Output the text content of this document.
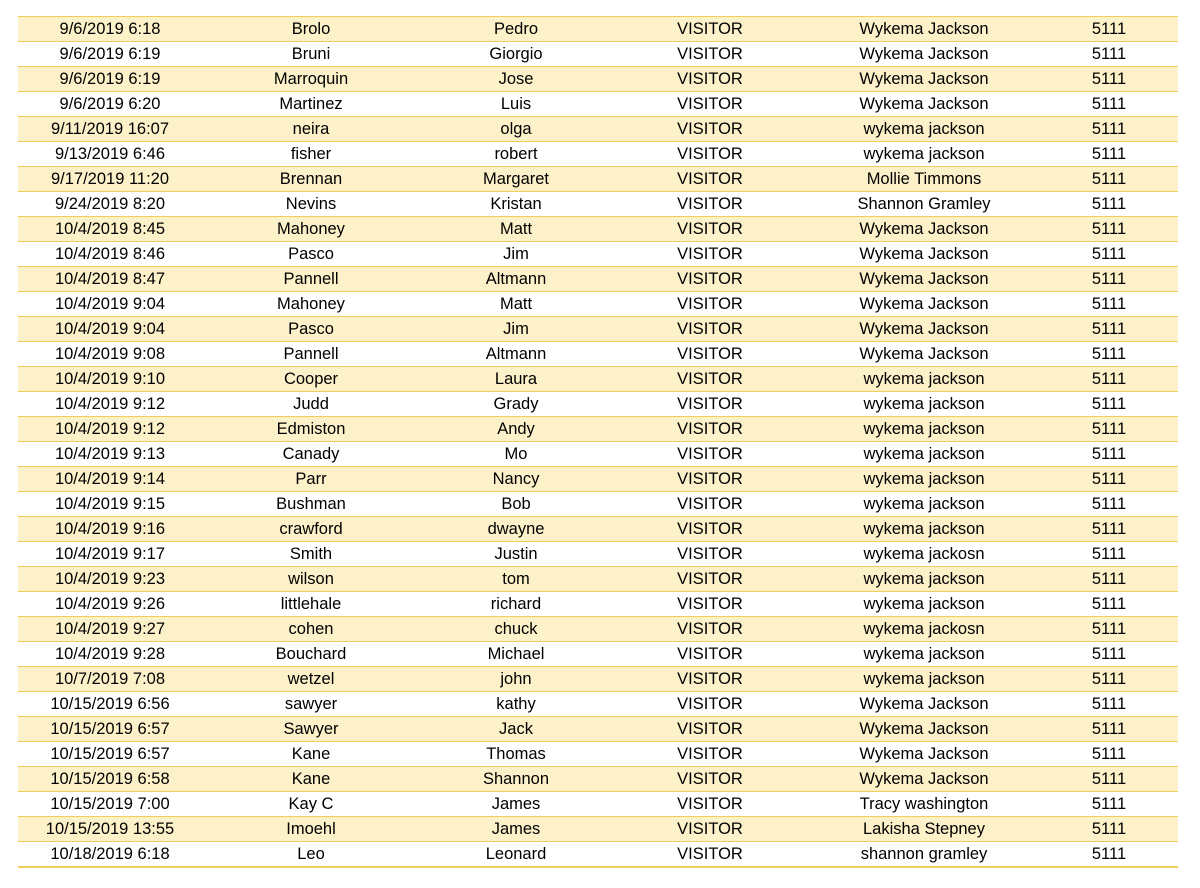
9/6/2019 6:18	Brolo	Pedro	VISITOR	Wykema Jackson	5111
9/6/2019 6:19	Bruni	Giorgio	VISITOR	Wykema Jackson	5111
9/6/2019 6:19	Marroquin	Jose	VISITOR	Wykema Jackson	5111
9/6/2019 6:20	Martinez	Luis	VISITOR	Wykema Jackson	5111
9/11/2019 16:07	neira	olga	VISITOR	wykema jackson	5111
9/13/2019 6:46	fisher	robert	VISITOR	wykema jackson	5111
9/17/2019 11:20	Brennan	Margaret	VISITOR	Mollie Timmons	5111
9/24/2019 8:20	Nevins	Kristan	VISITOR	Shannon Gramley	5111
10/4/2019 8:45	Mahoney	Matt	VISITOR	Wykema Jackson	5111
10/4/2019 8:46	Pasco	Jim	VISITOR	Wykema Jackson	5111
10/4/2019 8:47	Pannell	Altmann	VISITOR	Wykema Jackson	5111
10/4/2019 9:04	Mahoney	Matt	VISITOR	Wykema Jackson	5111
10/4/2019 9:04	Pasco	Jim	VISITOR	Wykema Jackson	5111
10/4/2019 9:08	Pannell	Altmann	VISITOR	Wykema Jackson	5111
10/4/2019 9:10	Cooper	Laura	VISITOR	wykema jackson	5111
10/4/2019 9:12	Judd	Grady	VISITOR	wykema jackson	5111
10/4/2019 9:12	Edmiston	Andy	VISITOR	wykema jackson	5111
10/4/2019 9:13	Canady	Mo	VISITOR	wykema jackson	5111
10/4/2019 9:14	Parr	Nancy	VISITOR	wykema jackson	5111
10/4/2019 9:15	Bushman	Bob	VISITOR	wykema jackson	5111
10/4/2019 9:16	crawford	dwayne	VISITOR	wykema jackson	5111
10/4/2019 9:17	Smith	Justin	VISITOR	wykema jackosn	5111
10/4/2019 9:23	wilson	tom	VISITOR	wykema jackson	5111
10/4/2019 9:26	littlehale	richard	VISITOR	wykema jackson	5111
10/4/2019 9:27	cohen	chuck	VISITOR	wykema jackosn	5111
10/4/2019 9:28	Bouchard	Michael	VISITOR	wykema jackson	5111
10/7/2019 7:08	wetzel	john	VISITOR	wykema jackson	5111
10/15/2019 6:56	sawyer	kathy	VISITOR	Wykema Jackson	5111
10/15/2019 6:57	Sawyer	Jack	VISITOR	Wykema Jackson	5111
10/15/2019 6:57	Kane	Thomas	VISITOR	Wykema Jackson	5111
10/15/2019 6:58	Kane	Shannon	VISITOR	Wykema Jackson	5111
10/15/2019 7:00	Kay C	James	VISITOR	Tracy washington	5111
10/15/2019 13:55	Imoehl	James	VISITOR	Lakisha Stepney	5111
10/18/2019 6:18	Leo	Leonard	VISITOR	shannon gramley	5111
